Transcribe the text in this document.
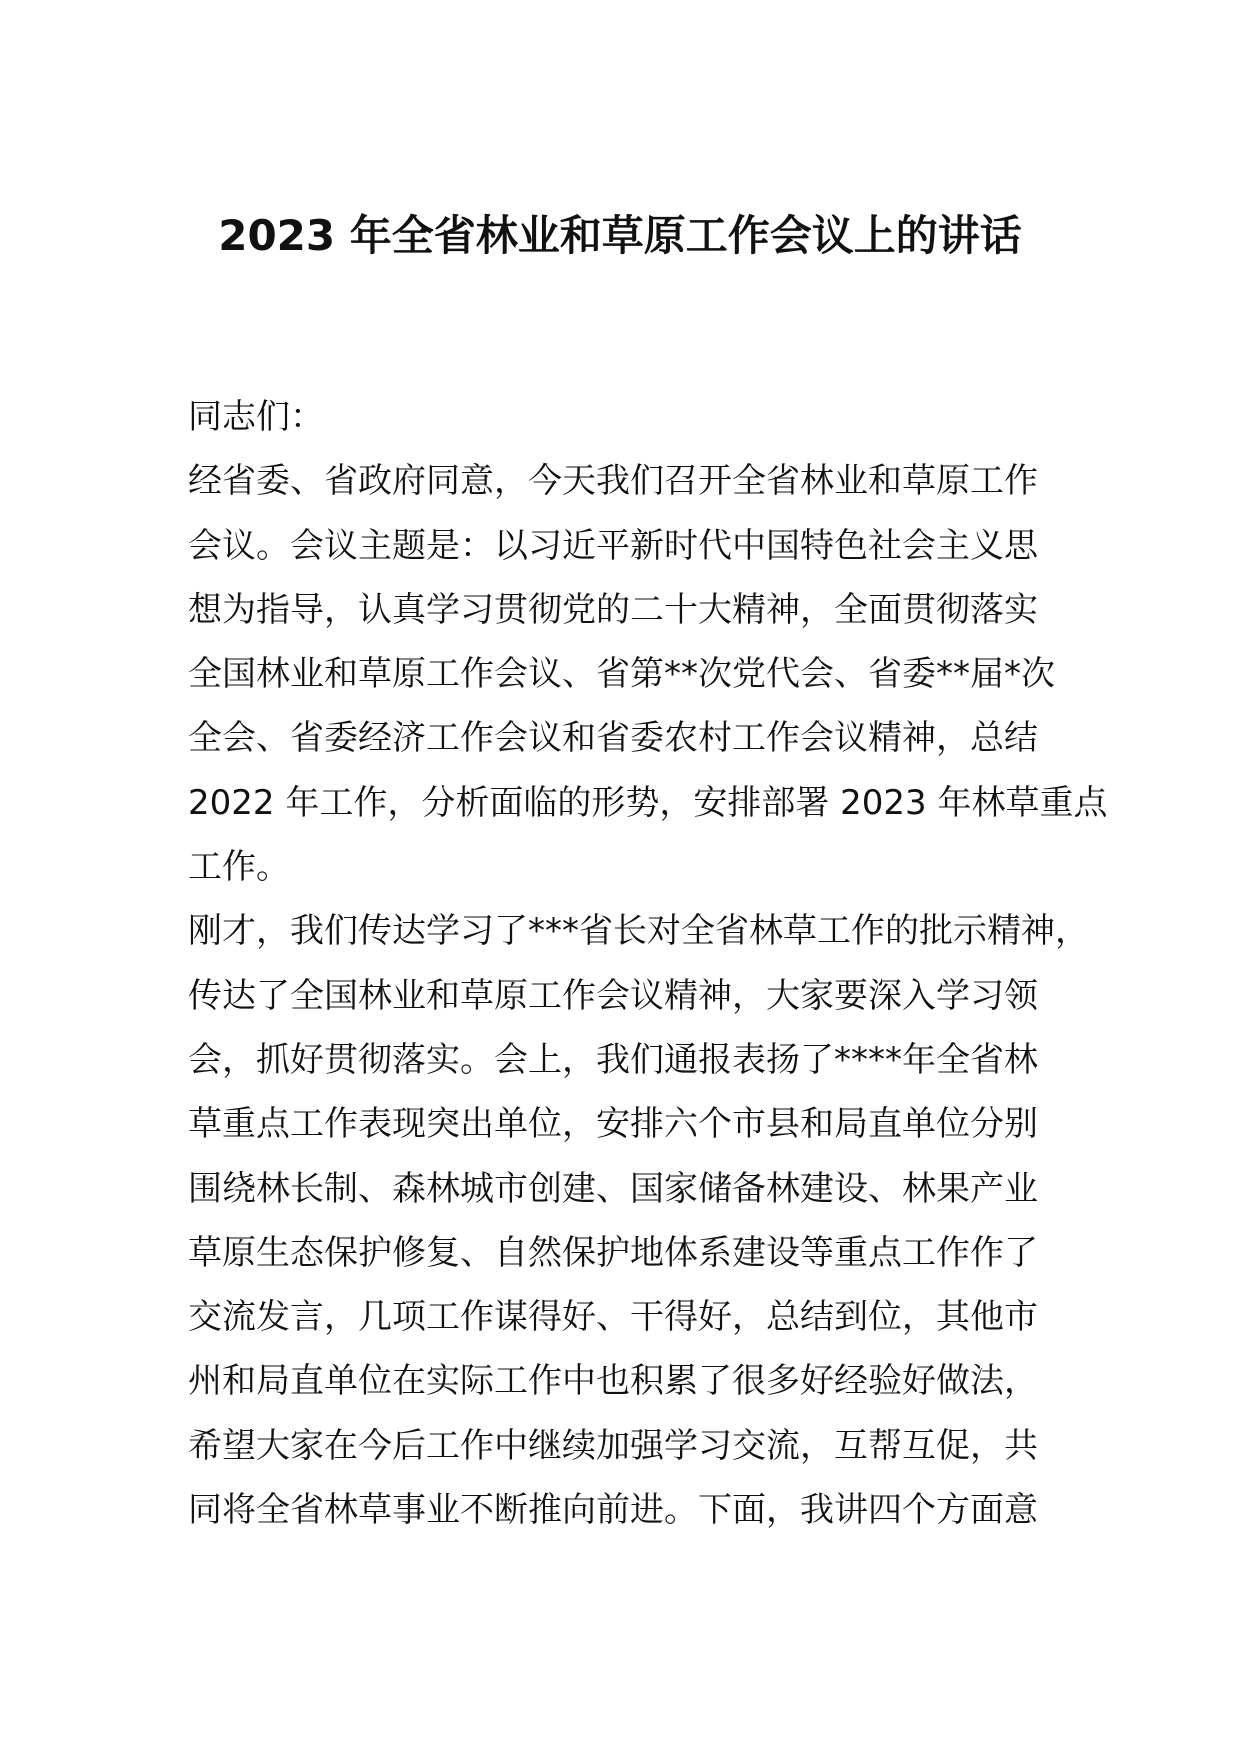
2023 年全省林业和草原工作会议上的讲话
同志们：
经省委、省政府同意，今天我们召开全省林业和草原工作
会议。会议主题是：以习近平新时代中国特色社会主义思
想为指导，认真学习贯彻党的二十大精神，全面贯彻落实
全国林业和草原工作会议、省第**次党代会、省委**届*次
全会、省委经济工作会议和省委农村工作会议精神，总结
2022 年工作，分析面临的形势，安排部署 2023 年林草重点
工作。
刚才，我们传达学习了***省长对全省林草工作的批示精神，
传达了全国林业和草原工作会议精神，大家要深入学习领
会，抓好贯彻落实。会上，我们通报表扬了****年全省林
草重点工作表现突出单位，安排六个市县和局直单位分别
围绕林长制、森林城市创建、国家储备林建设、林果产业
草原生态保护修复、自然保护地体系建设等重点工作作了
交流发言，几项工作谋得好、干得好，总结到位，其他市
州和局直单位在实际工作中也积累了很多好经验好做法，
希望大家在今后工作中继续加强学习交流，互帮互促，共
同将全省林草事业不断推向前进。下面，我讲四个方面意
